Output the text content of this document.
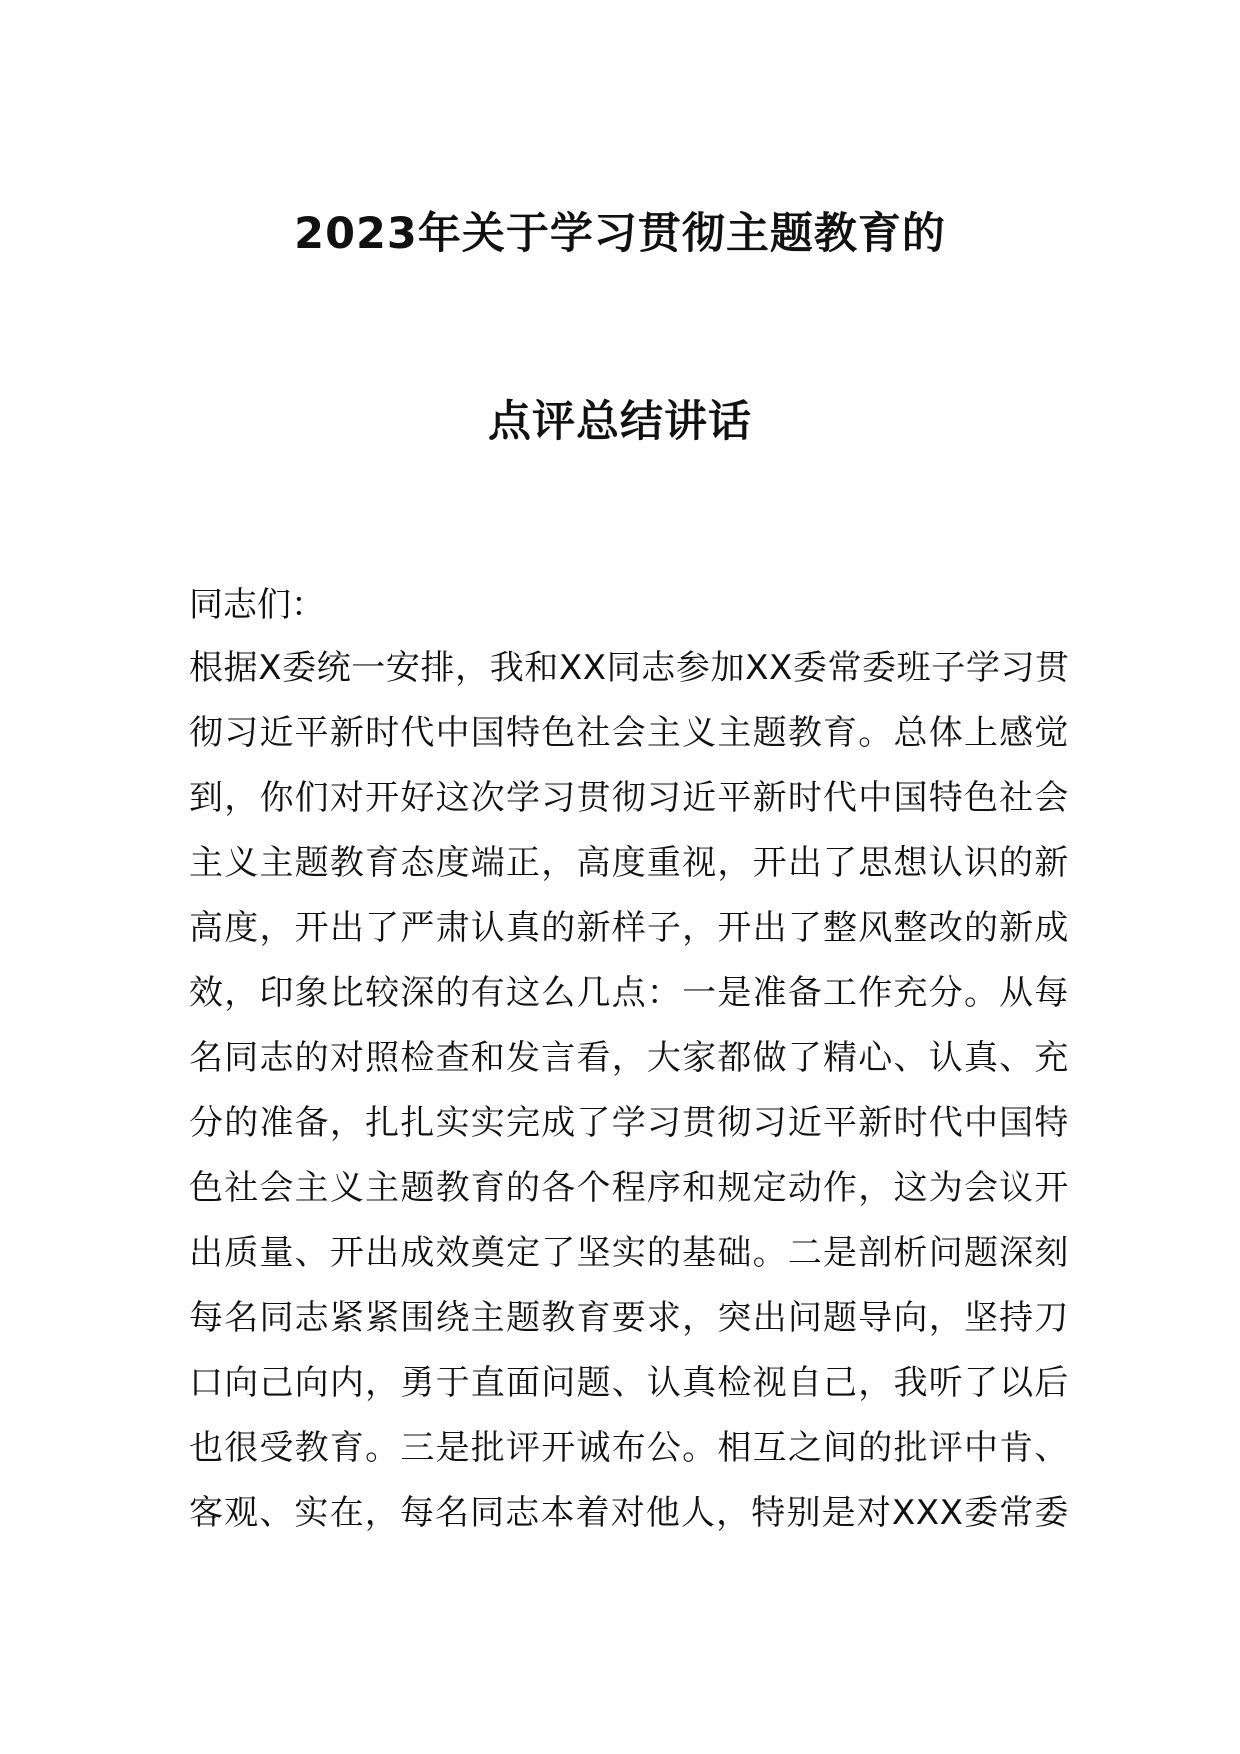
2023年关于学习贯彻主题教育的
点评总结讲话
同志们：
根据X委统一安排，我和XX同志参加XX委常委班子学习贯
彻习近平新时代中国特色社会主义主题教育。总体上感觉
到，你们对开好这次学习贯彻习近平新时代中国特色社会
主义主题教育态度端正，高度重视，开出了思想认识的新
高度，开出了严肃认真的新样子，开出了整风整改的新成
效，印象比较深的有这么几点：一是准备工作充分。从每
名同志的对照检查和发言看，大家都做了精心、认真、充
分的准备，扎扎实实完成了学习贯彻习近平新时代中国特
色社会主义主题教育的各个程序和规定动作，这为会议开
出质量、开出成效奠定了坚实的基础。二是剖析问题深刻
每名同志紧紧围绕主题教育要求，突出问题导向，坚持刀
口向己向内，勇于直面问题、认真检视自己，我听了以后
也很受教育。三是批评开诚布公。相互之间的批评中肯、
客观、实在，每名同志本着对他人，特别是对XXX委常委
